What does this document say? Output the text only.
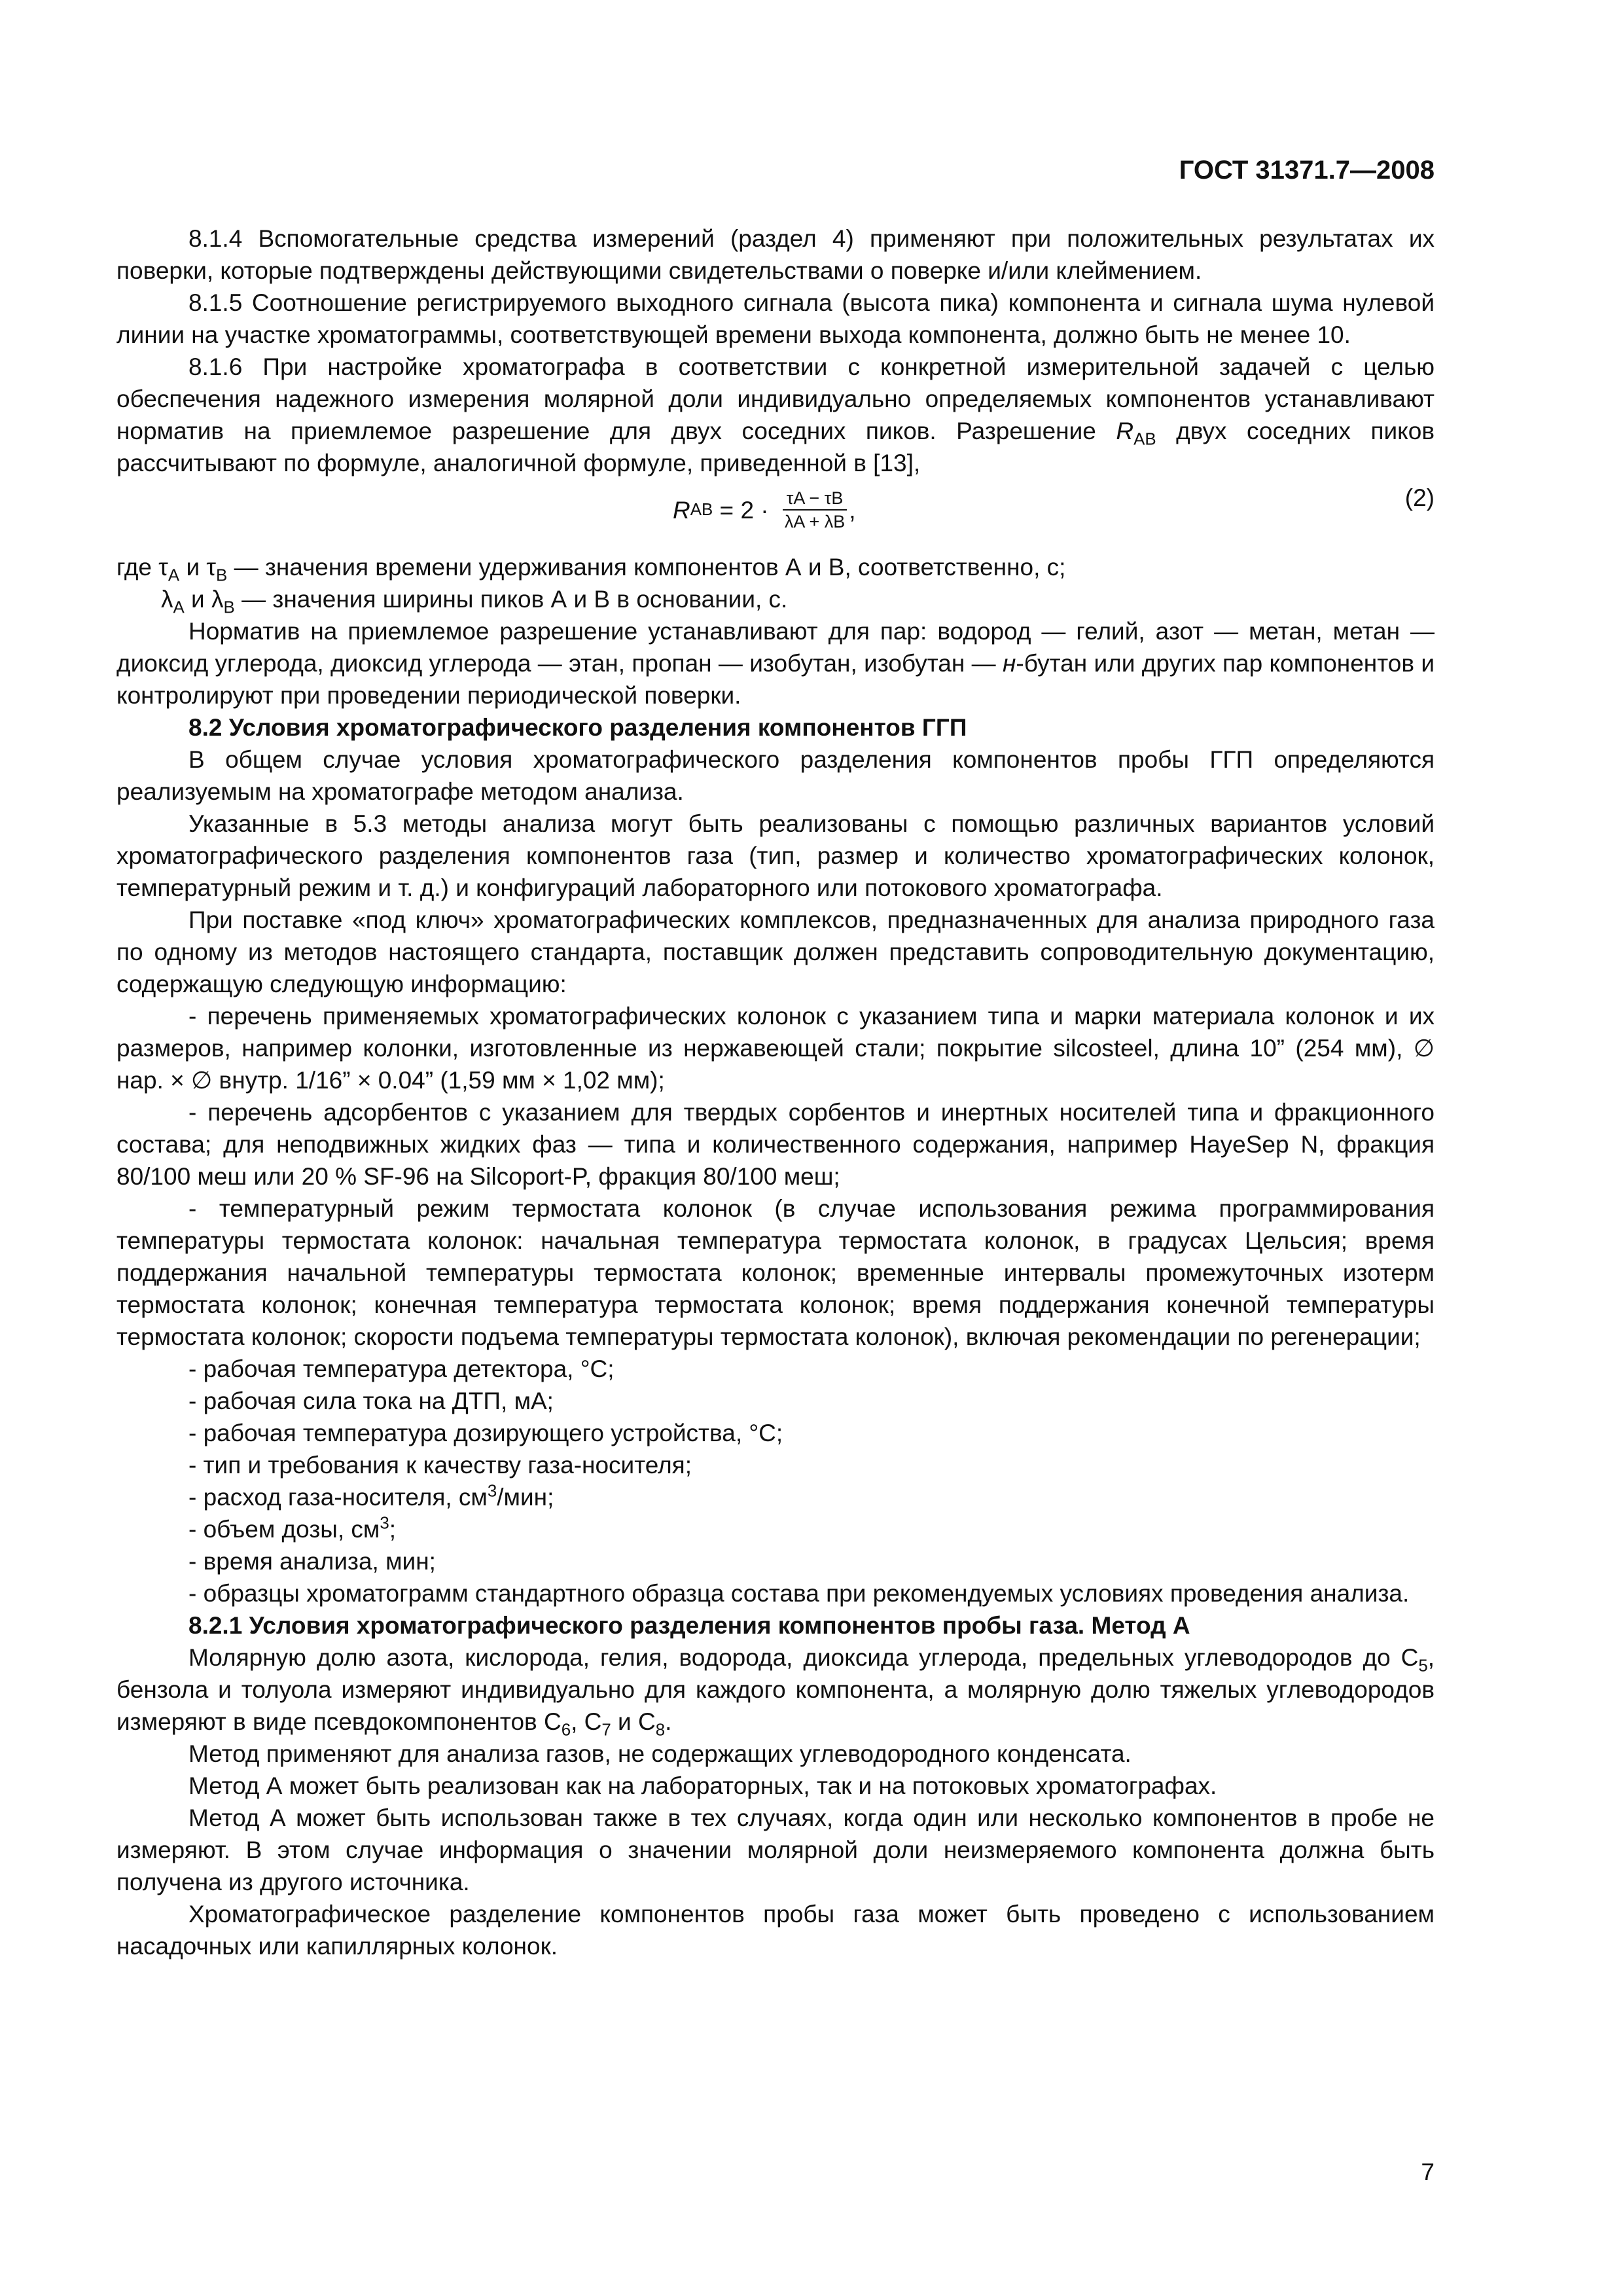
ГОСТ 31371.7—2008

8.1.4 Вспомогательные средства измерений (раздел 4) применяют при положительных результатах их поверки, которые подтверждены действующими свидетельствами о поверке и/или клеймением.

8.1.5 Соотношение регистрируемого выходного сигнала (высота пика) компонента и сигнала шума нулевой линии на участке хроматограммы, соответствующей времени выхода компонента, должно быть не менее 10.

8.1.6 При настройке хроматографа в соответствии с конкретной измерительной задачей с целью обеспечения надежного измерения молярной доли индивидуально определяемых компонентов устанавливают норматив на приемлемое разрешение для двух соседних пиков. Разрешение $R_{AB}$ двух соседних пиков рассчитывают по формуле, аналогичной формуле, приведенной в [13],

R AB = $2 \cdot \frac{\tau A - \tau B}{\lambda A + \lambda B}$ ,	(2)

где $\tau_A$ и $\tau_B$ — значения времени удерживания компонентов А и В, соответственно, с;

$\lambda_A$ и $\lambda_B$ — значения ширины пиков А и В в основании, с.

Норматив на приемлемое разрешение устанавливают для пар: водород — гелий, азот — метан, метан — диоксид углерода, диоксид углерода — этан, пропан — изобутан, изобутан — н-бутан или других пар компонентов и контролируют при проведении периодической поверки.

8.2 Условия хроматографического разделения компонентов ГГП

В общем случае условия хроматографического разделения компонентов пробы ГГП определяются реализуемым на хроматографе методом анализа.

Указанные в 5.3 методы анализа могут быть реализованы с помощью различных вариантов условий хроматографического разделения компонентов газа (тип, размер и количество хроматографических колонок, температурный режим и т. д.) и конфигураций лабораторного или потокового хроматографа.

При поставке «под ключ» хроматографических комплексов, предназначенных для анализа природного газа по одному из методов настоящего стандарта, поставщик должен представить сопроводительную документацию, содержащую следующую информацию:

- перечень применяемых хроматографических колонок с указанием типа и марки материала колонок и их размеров, например колонки, изготовленные из нержавеющей стали; покрытие silcosteel, длина 10” (254 мм), ∅ нар. × ∅ внутр. 1/16” × 0.04” (1,59 мм × 1,02 мм);

- перечень адсорбентов с указанием для твердых сорбентов и инертных носителей типа и фракционного состава; для неподвижных жидких фаз — типа и количественного содержания, например HayeSep N, фракция 80/100 меш или 20 % SF-96 на Silcoport-P, фракция 80/100 меш;

- температурный режим термостата колонок (в случае использования режима программирования температуры термостата колонок: начальная температура термостата колонок, в градусах Цельсия; время поддержания начальной температуры термостата колонок; временные интервалы промежуточных изотерм термостата колонок; конечная температура термостата колонок; время поддержания конечной температуры термостата колонок; скорости подъема температуры термостата колонок), включая рекомендации по регенерации;

- рабочая температура детектора, °С;

- рабочая сила тока на ДТП, мА;

- рабочая температура дозирующего устройства, °С;

- тип и требования к качеству газа-носителя;

- расход газа-носителя, $см^3$/мин;

- объем дозы, $см^3$;

- время анализа, мин;

- образцы хроматограмм стандартного образца состава при рекомендуемых условиях проведения анализа.

8.2.1 Условия хроматографического разделения компонентов пробы газа. Метод А

Молярную долю азота, кислорода, гелия, водорода, диоксида углерода, предельных углеводородов до $С_5$, бензола и толуола измеряют индивидуально для каждого компонента, а молярную долю тяжелых углеводородов измеряют в виде псевдокомпонентов $С_6$, $С_7$ и $С_8$.

Метод применяют для анализа газов, не содержащих углеводородного конденсата.

Метод А может быть реализован как на лабораторных, так и на потоковых хроматографах.

Метод А может быть использован также в тех случаях, когда один или несколько компонентов в пробе не измеряют. В этом случае информация о значении молярной доли неизмеряемого компонента должна быть получена из другого источника.

Хроматографическое разделение компонентов пробы газа может быть проведено с использованием насадочных или капиллярных колонок.

7
